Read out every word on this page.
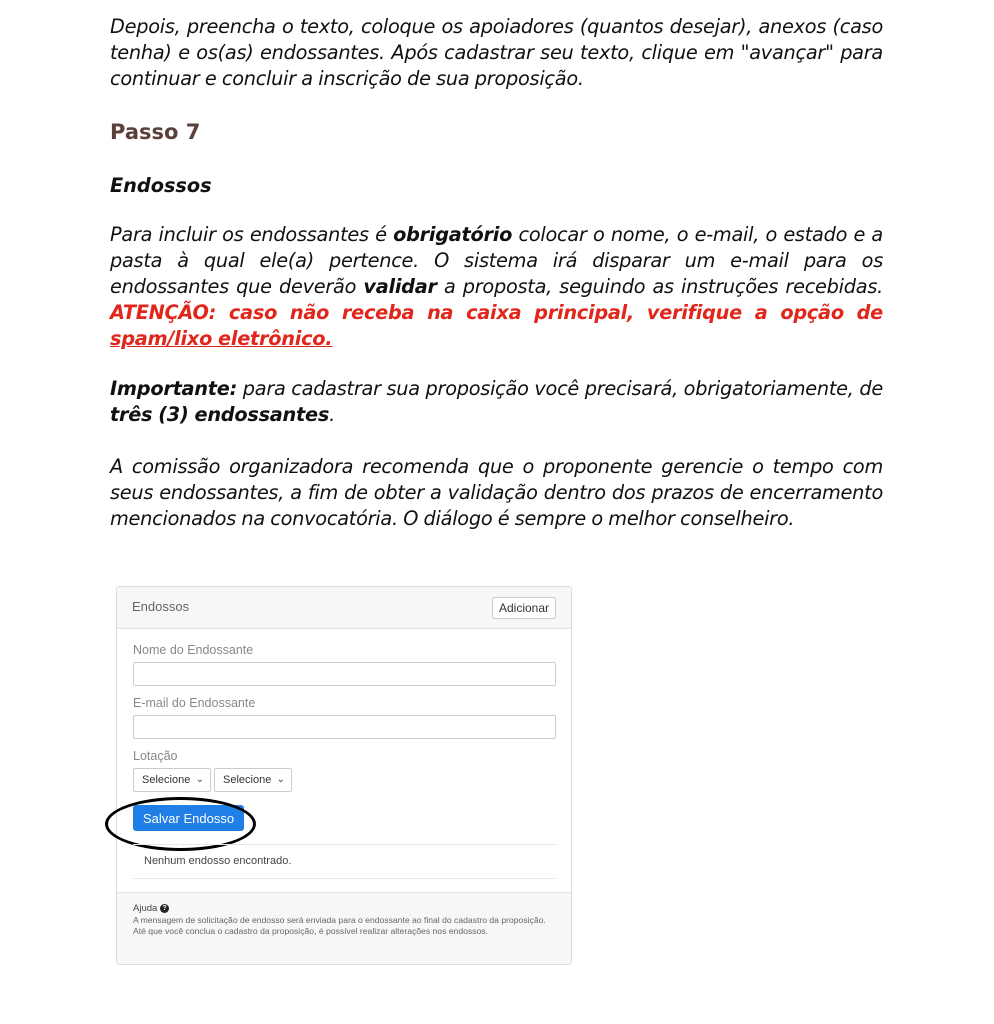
Depois, preencha o texto, coloque os apoiadores (quantos desejar), anexos (caso tenha) e os(as) endossantes. Após cadastrar seu texto, clique em "avançar" para continuar e concluir a inscrição de sua proposição.

Passo 7
Endossos

Para incluir os endossantes é obrigatório colocar o nome, o e-mail, o estado e a pasta à qual ele(a) pertence. O sistema irá disparar um e-mail para os endossantes que deverão validar a proposta, seguindo as instruções recebidas. ATENÇÃO: caso não receba na caixa principal, verifique a opção de spam/lixo eletrônico.

Importante: para cadastrar sua proposição você precisará, obrigatoriamente, de três (3) endossantes.

A comissão organizadora recomenda que o proponente gerencie o tempo com seus endossantes, a fim de obter a validação dentro dos prazos de encerramento mencionados na convocatória. O diálogo é sempre o melhor conselheiro.

Endossos	Adicionar
Nome do Endossante
E-mail do Endossante
Lotação
Selecione ⌄	Selecione ⌄
Salvar Endosso
Nenhum endosso encontrado.
Ajuda ?
A mensagem de solicitação de endosso será enviada para o endossante ao final do cadastro da proposição. Até que você conclua o cadastro da proposição, é possível realizar alterações nos endossos.
